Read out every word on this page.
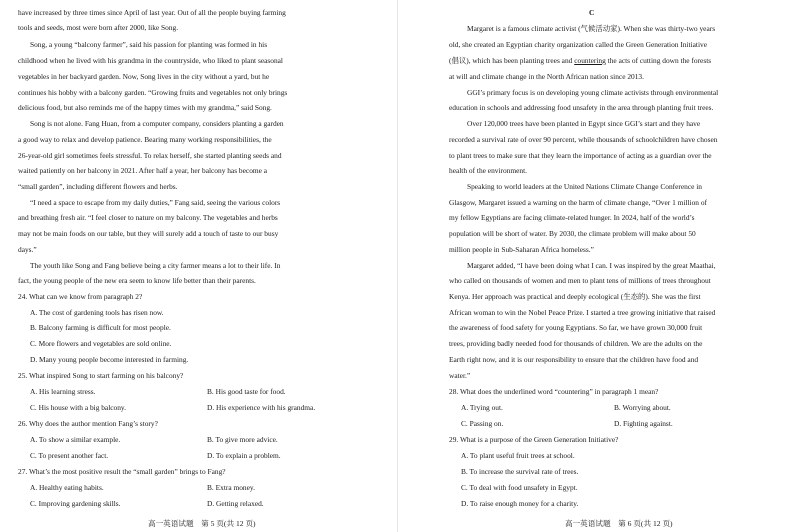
have increased by three times since April of last year. Out of all the people buying farming
tools and seeds, most were born after 2000, like Song.
Song, a young “balcony farmer”, said his passion for planting was formed in his
childhood when he lived with his grandma in the countryside, who liked to plant seasonal
vegetables in her backyard garden. Now, Song lives in the city without a yard, but he
continues his hobby with a balcony garden. “Growing fruits and vegetables not only brings
delicious food, but also reminds me of the happy times with my grandma,” said Song.
Song is not alone. Fang Huan, from a computer company, considers planting a garden
a good way to relax and develop patience. Bearing many working responsibilities, the
26-year-old girl sometimes feels stressful. To relax herself, she started planting seeds and
waited patiently on her balcony in 2021. After half a year, her balcony has become a
“small garden”, including different flowers and herbs.
“I need a space to escape from my daily duties,” Fang said, seeing the various colors
and breathing fresh air. “I feel closer to nature on my balcony. The vegetables and herbs
may not be main foods on our table, but they will surely add a touch of taste to our busy
days.”
The youth like Song and Fang believe being a city farmer means a lot to their life. In
fact, the young people of the new era seem to know life better than their parents.
24. What can we know from paragraph 2?
A. The cost of gardening tools has risen now.
B. Balcony farming is difficult for most people.
C. More flowers and vegetables are sold online.
D. Many young people become interested in farming.
25. What inspired Song to start farming on his balcony?
A. His learning stress.	B. His good taste for food.
C. His house with a big balcony.	D. His experience with his grandma.
26. Why does the author mention Fang’s story?
A. To show a similar example.	B. To give more advice.
C. To present another fact.	D. To explain a problem.
27. What’s the most positive result the “small garden” brings to Fang?
A. Healthy eating habits.	B. Extra money.
C. Improving gardening skills.	D. Getting relaxed.
高一英语试题　第 5 页(共 12 页)
C
Margaret is a famous climate activist (气候活动家). When she was thirty-two years
old, she created an Egyptian charity organization called the Green Generation Initiative
(倡议), which has been planting trees and countering the acts of cutting down the forests
at will and climate change in the North African nation since 2013.
GGI’s primary focus is on developing young climate activists through environmental
education in schools and addressing food unsafety in the area through planting fruit trees.
Over 120,000 trees have been planted in Egypt since GGI’s start and they have
recorded a survival rate of over 90 percent, while thousands of schoolchildren have chosen
to plant trees to make sure that they learn the importance of acting as a guardian over the
health of the environment.
Speaking to world leaders at the United Nations Climate Change Conference in
Glasgow, Margaret issued a warning on the harm of climate change, “Over 1 million of
my fellow Egyptians are facing climate-related hunger. In 2024, half of the world’s
population will be short of water. By 2030, the climate problem will make about 50
million people in Sub-Saharan Africa homeless.”
Margaret added, “I have been doing what I can. I was inspired by the great Maathai,
who called on thousands of women and men to plant tens of millions of trees throughout
Kenya. Her approach was practical and deeply ecological (生态的). She was the first
African woman to win the Nobel Peace Prize. I started a tree growing initiative that raised
the awareness of food safety for young Egyptians. So far, we have grown 30,000 fruit
trees, providing badly needed food for thousands of children. We are the adults on the
Earth right now, and it is our responsibility to ensure that the children have food and
water.”
28. What does the underlined word “countering” in paragraph 1 mean?
A. Trying out.	B. Worrying about.
C. Passing on.	D. Fighting against.
29. What is a purpose of the Green Generation Initiative?
A. To plant useful fruit trees at school.
B. To increase the survival rate of trees.
C. To deal with food unsafety in Egypt.
D. To raise enough money for a charity.
高一英语试题　第 6 页(共 12 页)
